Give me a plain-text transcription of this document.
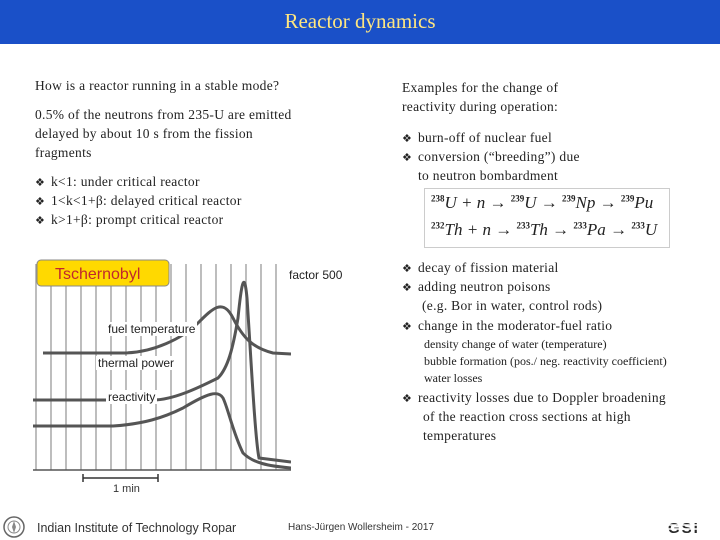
Reactor dynamics
How is a reactor running in a stable mode?
0.5% of the neutrons from 235-U are emitted
delayed by about 10 s from the fission
fragments
❖ k<1: under critical reactor
❖ 1<k<1+β: delayed critical reactor
❖ k>1+β: prompt critical reactor
Tschernobyl
1 min
factor 500
fuel temperature
thermal power
reactivity
Examples for the change of
reactivity during operation:
❖ burn-off of nuclear fuel
❖ conversion (“breeding”) due
to neutron bombardment
$^{238}$U + n → $^{239}$U → $^{239}$Np → $^{239}$Pu
$^{232}$Th + n → $^{233}$Th → $^{233}$Pa → $^{233}$U
❖ decay of fission material
❖ adding neutron poisons
(e.g. Bor in water, control rods)
❖ change in the moderator-fuel ratio
density change of water (temperature)
bubble formation (pos./ neg. reactivity coefficient)
water losses
❖ reactivity losses due to Doppler broadening
of the reaction cross sections at high
temperatures
Indian Institute of Technology Ropar	Hans-Jürgen Wollersheim - 2017	GSI
